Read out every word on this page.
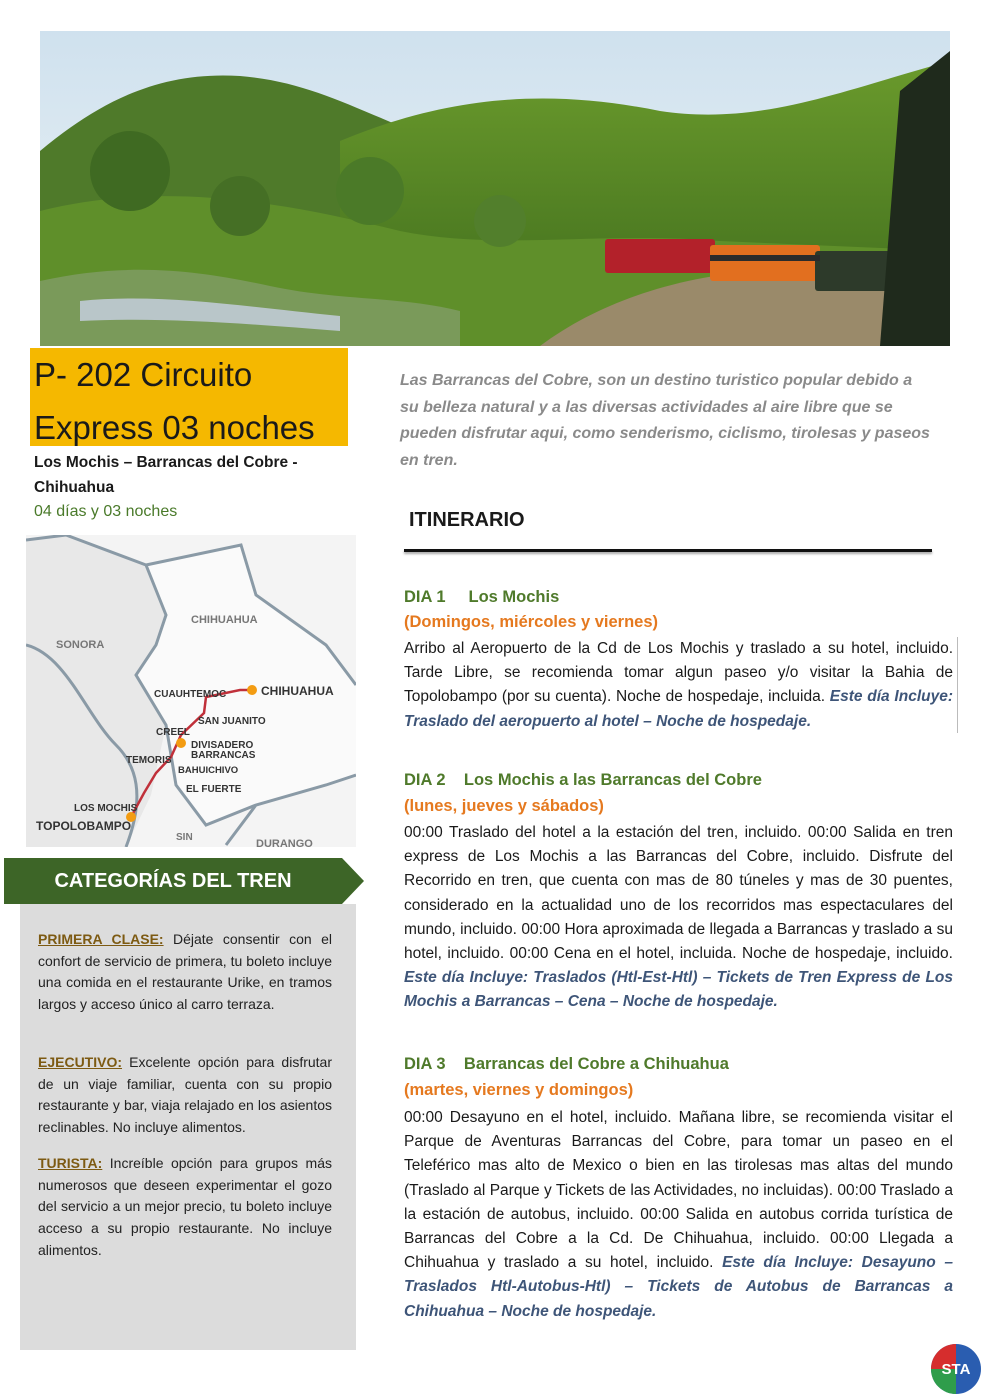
P- 202 Circuito
Express 03 noches
Los Mochis – Barrancas del Cobre - Chihuahua
04 días y 03 noches
CHIHUAHUA
SONORA
DURANGO
CHIHUAHUA
CUAUHTEMOC
SAN JUANITO
CREEL
DIVISADERO
BARRANCAS
TEMORIS
BAHUICHIVO
EL FUERTE
LOS MOCHIS
TOPOLOBAMPO
SIN
CATEGORÍAS DEL TREN
PRIMERA CLASE: Déjate consentir con el confort de servicio de primera, tu boleto incluye una comida en el restaurante Urike, en tramos largos y acceso único al carro terraza.
EJECUTIVO: Excelente opción para disfrutar de un viaje familiar, cuenta con su propio restaurante y bar, viaja relajado en los asientos reclinables. No incluye alimentos.
TURISTA: Increíble opción para grupos más numerosos que deseen experimentar el gozo del servicio a un mejor precio, tu boleto incluye acceso a su propio restaurante. No incluye alimentos.
Las Barrancas del Cobre, son un destino turistico popular debido a su belleza natural y a las diversas actividades al aire libre que se pueden disfrutar aqui, como senderismo, ciclismo, tirolesas y paseos en tren.
ITINERARIO
DIA 1     Los Mochis
(Domingos, miércoles y viernes)
Arribo al Aeropuerto de la Cd de Los Mochis y traslado a su hotel, incluido. Tarde Libre, se recomienda tomar algun paseo y/o visitar la Bahia de Topolobampo (por su cuenta). Noche de hospedaje, incluida. Este día Incluye: Traslado del aeropuerto al hotel – Noche de hospedaje.
DIA 2    Los Mochis a las Barrancas del Cobre
(lunes, jueves y sábados)
00:00 Traslado del hotel a la estación del tren, incluido. 00:00 Salida en tren express de Los Mochis a las Barrancas del Cobre, incluido. Disfrute del Recorrido en tren, que cuenta con mas de 80 túneles y mas de 30 puentes, considerado en la actualidad uno de los recorridos mas espectaculares del mundo, incluido. 00:00 Hora aproximada de llegada a Barrancas y traslado a su hotel, incluido. 00:00 Cena en el hotel, incluida. Noche de hospedaje, incluido. Este día Incluye: Traslados (Htl-Est-Htl) – Tickets de Tren Express de Los Mochis a Barrancas – Cena – Noche de hospedaje.
DIA 3    Barrancas del Cobre a Chihuahua
(martes, viernes y domingos)
00:00 Desayuno en el hotel, incluido. Mañana libre, se recomienda visitar el Parque de Aventuras Barrancas del Cobre, para tomar un paseo en el Teleférico mas alto de Mexico o bien en las tirolesas mas altas del mundo (Traslado al Parque y Tickets de las Actividades, no incluidas). 00:00 Traslado a la estación de autobus, incluido. 00:00 Salida en autobus corrida turística de Barrancas del Cobre a la Cd. De Chihuahua, incluido. 00:00 Llegada a Chihuahua y traslado a su hotel, incluido. Este día Incluye: Desayuno – Traslados Htl-Autobus-Htl) – Tickets de Autobus de Barrancas a Chihuahua – Noche de hospedaje.
STA
